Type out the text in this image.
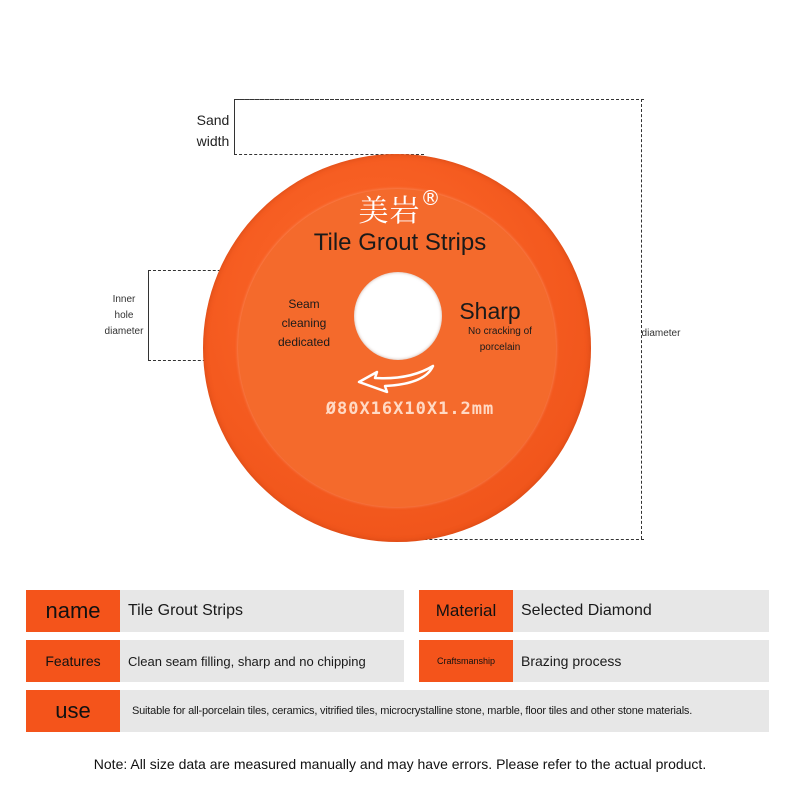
diameter
Sand
width
Inner
hole
diameter
美岩®
Tile Grout Strips
Seam
cleaning
dedicated
Sharp
No cracking of
porcelain
Ø80X16X10X1.2mm
name Tile Grout Strips	Material Selected Diamond
Features Clean seam filling, sharp and no chipping	Craftsmanship Brazing process
use	Suitable for all-porcelain tiles, ceramics, vitrified tiles, microcrystalline stone, marble, floor tiles and other stone materials.
Note: All size data are measured manually and may have errors. Please refer to the actual product.
